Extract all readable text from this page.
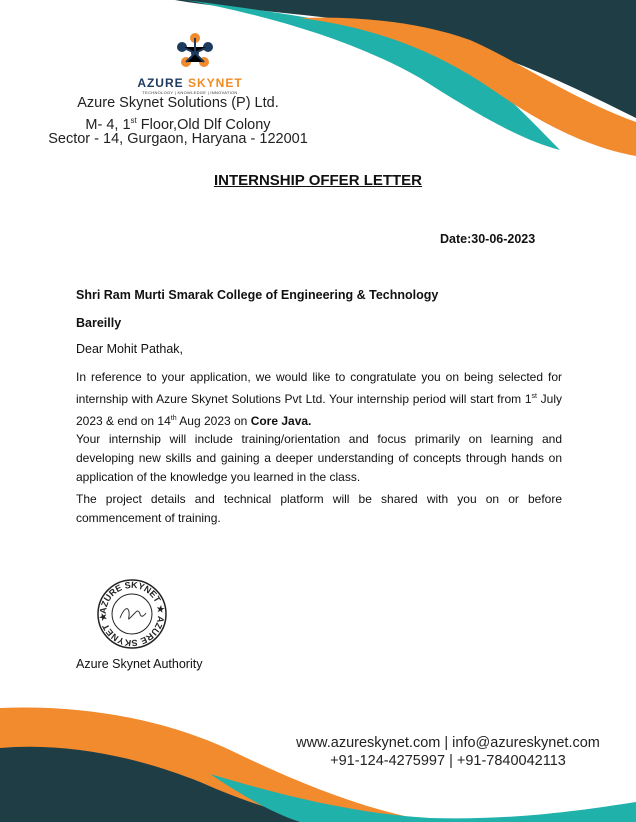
AZURE SKYNET
TECHNOLOGY | KNOWLEDGE | INNOVATION
Azure Skynet Solutions (P) Ltd.
M- 4, 1st Floor,Old Dlf Colony
Sector - 14, Gurgaon, Haryana - 122001
INTERNSHIP OFFER LETTER
Date:30-06-2023
Shri Ram Murti Smarak College of Engineering & Technology
Bareilly
Dear Mohit Pathak,
In reference to your application, we would like to congratulate you on being selected for internship with Azure Skynet Solutions Pvt Ltd. Your internship period will start from 1st July 2023 & end on 14th Aug 2023 on Core Java.
Your internship will include training/orientation and focus primarily on learning and developing new skills and gaining a deeper understanding of concepts through hands on application of the knowledge you learned in the class.
The project details and technical platform will be shared with you on or before commencement of training.
AZURE SKYNET ★ AZURE SKYNET ★
Azure Skynet Authority
www.azureskynet.com | info@azureskynet.com
+91-124-4275997 | +91-7840042113
